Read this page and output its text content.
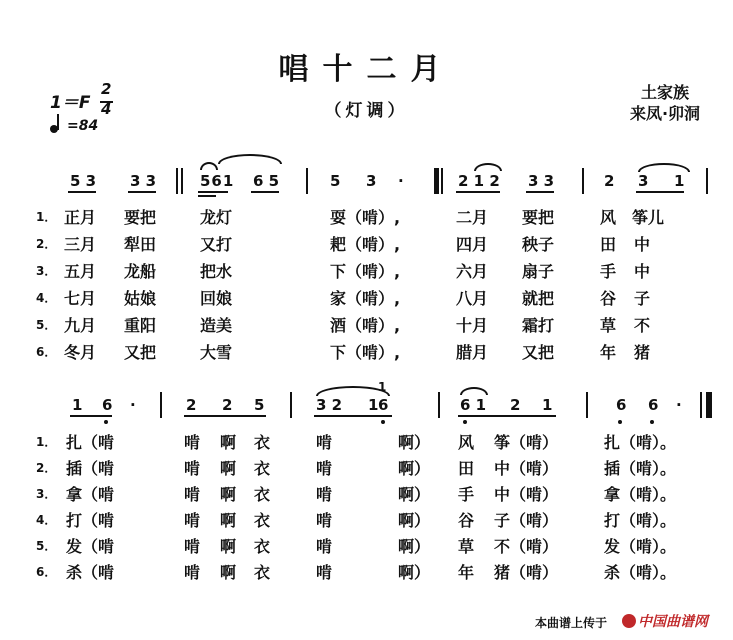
唱十二月
（灯调）
土家族
来凤·卯洞
1＝F
2
4
=84
5 3 3 3	561 6 5	5 3 ·	2 1 2 3 3	2 3 1
1． 正月 要把	龙灯	耍（啃）,	二月 要把	风 筝儿
2． 三月 犁田	又打	耙（啃）,	四月 秧子	田 中
3． 五月 龙船	把水	下（啃）,	六月 扇子	手 中
4． 七月 姑娘	回娘	家（啃）,	八月 就把	谷 子
5． 九月 重阳	造美	酒（啃）,	十月 霜打	草 不
6． 冬月 又把	大雪	下（啃）,	腊月 又把	年 猪
1 6 ·	2 2 5	3 2 1
1
6	6 1 2 1	6 6 ·
1． 扎（啃	啃 啊 衣	啃	啊） 风 筝（啃）	扎（啃）。
2． 插（啃	啃 啊 衣	啃	啊） 田 中（啃）	插（啃）。
3． 拿（啃	啃 啊 衣	啃	啊） 手 中（啃）	拿（啃）。
4． 打（啃	啃 啊 衣	啃	啊） 谷 子（啃）	打（啃）。
5． 发（啃	啃 啊 衣	啃	啊） 草 不（啃）	发（啃）。
6． 杀（啃	啃 啊 衣	啃	啊） 年 猪（啃）	杀（啃）。
本曲谱上传于	中国曲谱网
